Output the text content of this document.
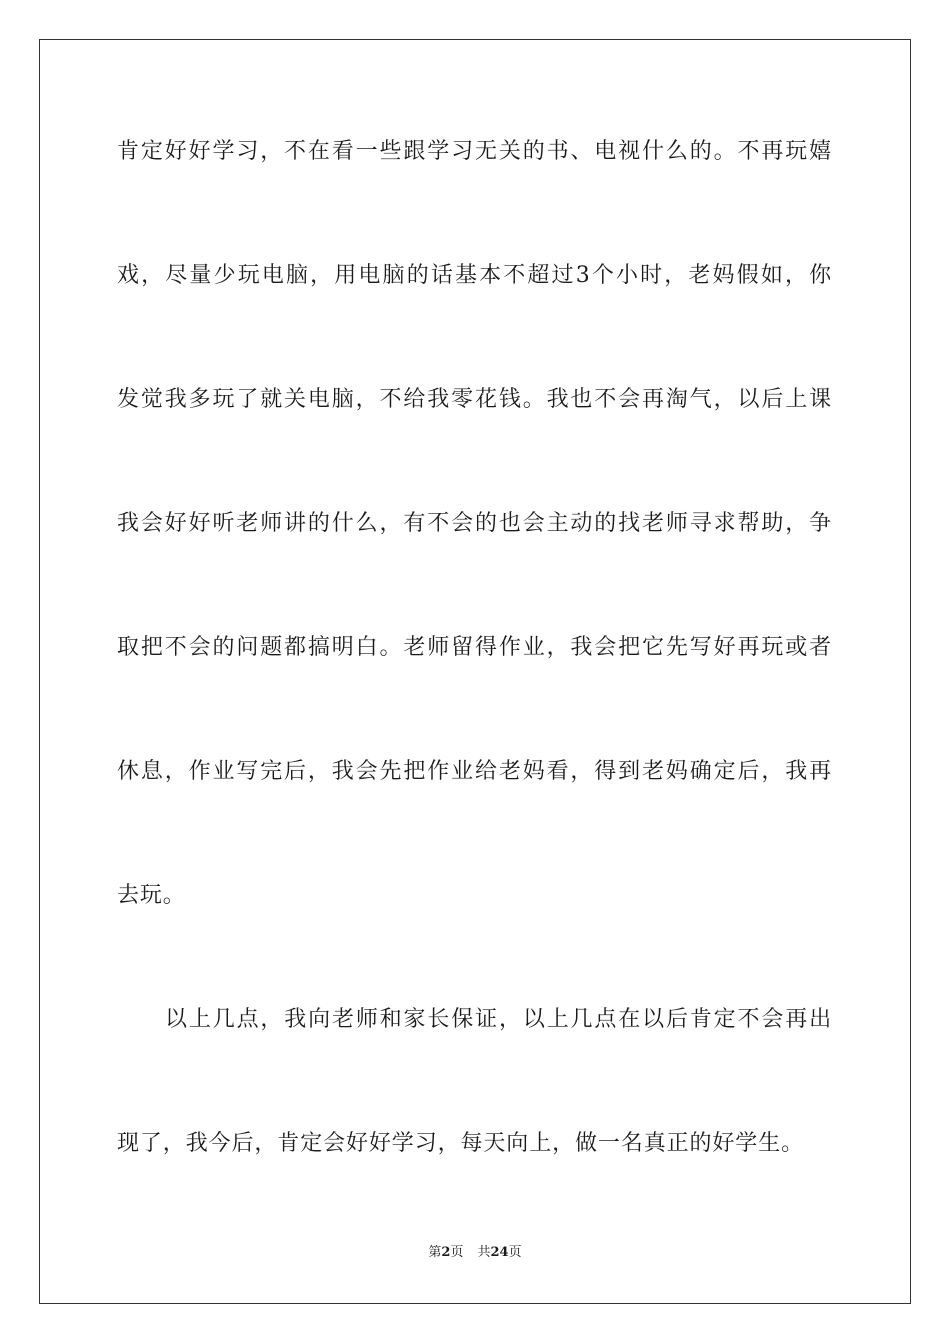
肯定好好学习，不在看一些跟学习无关的书、电视什么的。不再玩嬉
戏，尽量少玩电脑，用电脑的话基本不超过3个小时，老妈假如，你
发觉我多玩了就关电脑，不给我零花钱。我也不会再淘气，以后上课
我会好好听老师讲的什么，有不会的也会主动的找老师寻求帮助，争
取把不会的问题都搞明白。老师留得作业，我会把它先写好再玩或者
休息，作业写完后，我会先把作业给老妈看，得到老妈确定后，我再
去玩。
以上几点，我向老师和家长保证，以上几点在以后肯定不会再出
现了，我今后，肯定会好好学习，每天向上，做一名真正的好学生。
第2页 共24页
